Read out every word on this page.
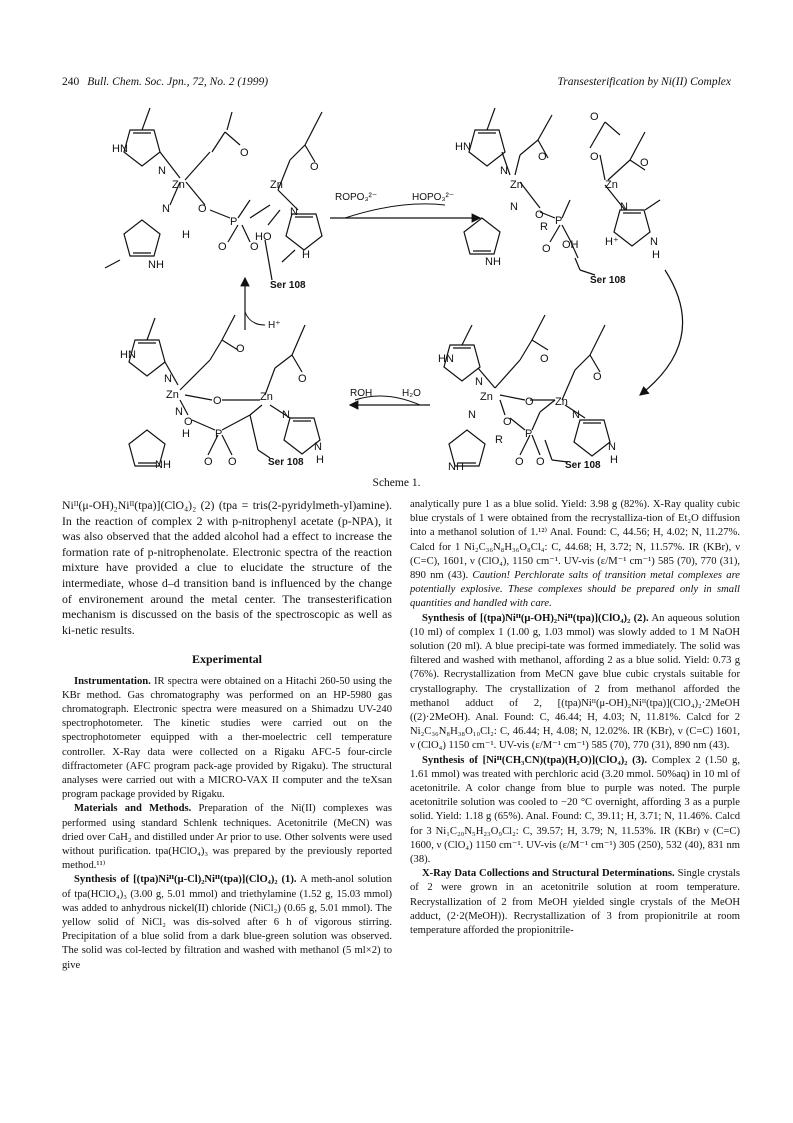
240 Bull. Chem. Soc. Jpn., 72, No. 2 (1999)	Transesterification by Ni(II) Complex
HN
N
Zn
N
H
NH
O
P
O O
Zn
O
O
N
HO
H
Ser 108
ROPO₃²⁻	HOPO₃²⁻
HN
N
Zn
N
NH
O
O P
R
O OH H⁺
O
O	O
Zn
N
N
H
Ser 108
HN
N
Zn	O Zn
N
O
P
R
O O
NH
O
O
N
N
H
Ser 108
ROH	H₂O
HN
N
Zn	O	Zn
N
O
H P
O O
NH
O
O
N
N
H
Ser 108
H⁺
Scheme 1.

Niᴵᴵ(μ-OH)₂Niᴵᴵ(tpa)](ClO₄)₂ (2) (tpa = tris(2-pyridylmeth-yl)amine). In the reaction of complex 2 with p-nitrophenyl acetate (p-NPA), it was also observed that the added alcohol had a effect to increase the formation rate of p-nitrophenolate. Electronic spectra of the reaction mixture have provided a clue to elucidate the structure of the intermediate, whose d–d transition band is influenced by the change of environement around the metal center. The transesterification mechanism is discussed on the basis of the spectroscopic as well as ki-netic results.

Experimental

Instrumentation. IR spectra were obtained on a Hitachi 260-50 using the KBr method. Gas chromatography was performed on an HP-5980 gas chromatograph. Electronic spectra were measured on a Shimadzu UV-240 spectrophotometer. The kinetic studies were carried out on the spectrophotometer equipped with a ther-moelectric cell temperature controller. X-Ray data were collected on a Rigaku AFC-5 four-circle diffractometer (AFC program pack-age provided by Rigaku). The structural analyses were carried out with a MICRO-VAX II computer and the teXsan program package provided by Rigaku.

Materials and Methods. Preparation of the Ni(II) complexes was performed using standard Schlenk techniques. Acetonitrile (MeCN) was dried over CaH₂ and distilled under Ar prior to use. Other solvents were used without purification. tpa(HClO₄)₃ was prepared by the previously reported method.¹¹⁾

Synthesis of [(tpa)Niᴵᴵ(μ-Cl)₂Niᴵᴵ(tpa)](ClO₄)₂ (1). A meth-anol solution of tpa(HClO₄)₃ (3.00 g, 5.01 mmol) and triethylamine (1.52 g, 15.03 mmol) was added to anhydrous nickel(II) chloride (NiCl₂) (0.65 g, 5.01 mmol). The yellow solid of NiCl₂ was dis-solved after 6 h of vigorous stirring. Precipitation of a blue solid from a dark blue-green solution was observed. The solid was col-lected by filtration and washed with methanol (5 ml×2) to give

analytically pure 1 as a blue solid. Yield: 3.98 g (82%). X-Ray quality cubic blue crystals of 1 were obtained from the recrystalliza-tion of Et₂O diffusion into a methanol solution of 1.¹²⁾ Anal. Found: C, 44.56; H, 4.02; N, 11.27%. Calcd for 1 Ni₂C₃₆N₈H₃₆O₈Cl₄: C, 44.68; H, 3.72; N, 11.57%. IR (KBr), ν (C=C), 1601, ν (ClO₄), 1150 cm⁻¹. UV-vis (ε/M⁻¹ cm⁻¹) 585 (70), 770 (31), 890 nm (43). Caution! Perchlorate salts of transition metal complexes are potentially explosive. These complexes should be prepared only in small quantities and handled with care.

Synthesis of [(tpa)Niᴵᴵ(μ-OH)₂Niᴵᴵ(tpa)](ClO₄)₂ (2). An aqueous solution (10 ml) of complex 1 (1.00 g, 1.03 mmol) was slowly added to 1 M NaOH solution (20 ml). A blue precipi-tate was formed immediately. The solid was filtered and washed with methanol, affording 2 as a blue solid. Yield: 0.73 g (76%). Recrystallization from MeCN gave blue cubic crystals suitable for crystallography. The crystallization of 2 from methanol afforded the methanol adduct of 2, [(tpa)Niᴵᴵ(μ-OH)₂Niᴵᴵ(tpa)](ClO₄)₂·2MeOH ((2)·2MeOH). Anal. Found: C, 46.44; H, 4.03; N, 11.81%. Calcd for 2 Ni₂C₃₆N₈H₃₈O₁₀Cl₂: C, 46.44; H, 4.08; N, 12.02%. IR (KBr), ν (C=C) 1601, ν (ClO₄) 1150 cm⁻¹. UV-vis (ε/M⁻¹ cm⁻¹) 585 (70), 770 (31), 890 nm (43).

Synthesis of [Niᴵᴵ(CH₃CN)(tpa)(H₂O)](ClO₄)₂ (3). Complex 2 (1.50 g, 1.61 mmol) was treated with perchloric acid (3.20 mmol. 50%aq) in 10 ml of acetonitrile. A color change from blue to purple was noted. The purple acetonitrile solution was cooled to −20 °C overnight, affording 3 as a purple solid. Yield: 1.18 g (65%). Anal. Found: C, 39.11; H, 3.71; N, 11.46%. Calcd for 3 Ni₁C₂₀N₅H₂₃O₉Cl₂: C, 39.57; H, 3.79; N, 11.53%. IR (KBr) ν (C=C) 1600, ν (ClO₄) 1150 cm⁻¹. UV-vis (ε/M⁻¹ cm⁻¹) 305 (250), 532 (40), 831 nm (38).

X-Ray Data Collections and Structural Determinations. Single crystals of 2 were grown in an acetonitrile solution at room temperature. Recrystallization of 2 from MeOH yielded single crystals of the MeOH adduct, (2·2(MeOH)). Recrystallization of 3 from propionitrile at room temperature afforded the propionitrile-
